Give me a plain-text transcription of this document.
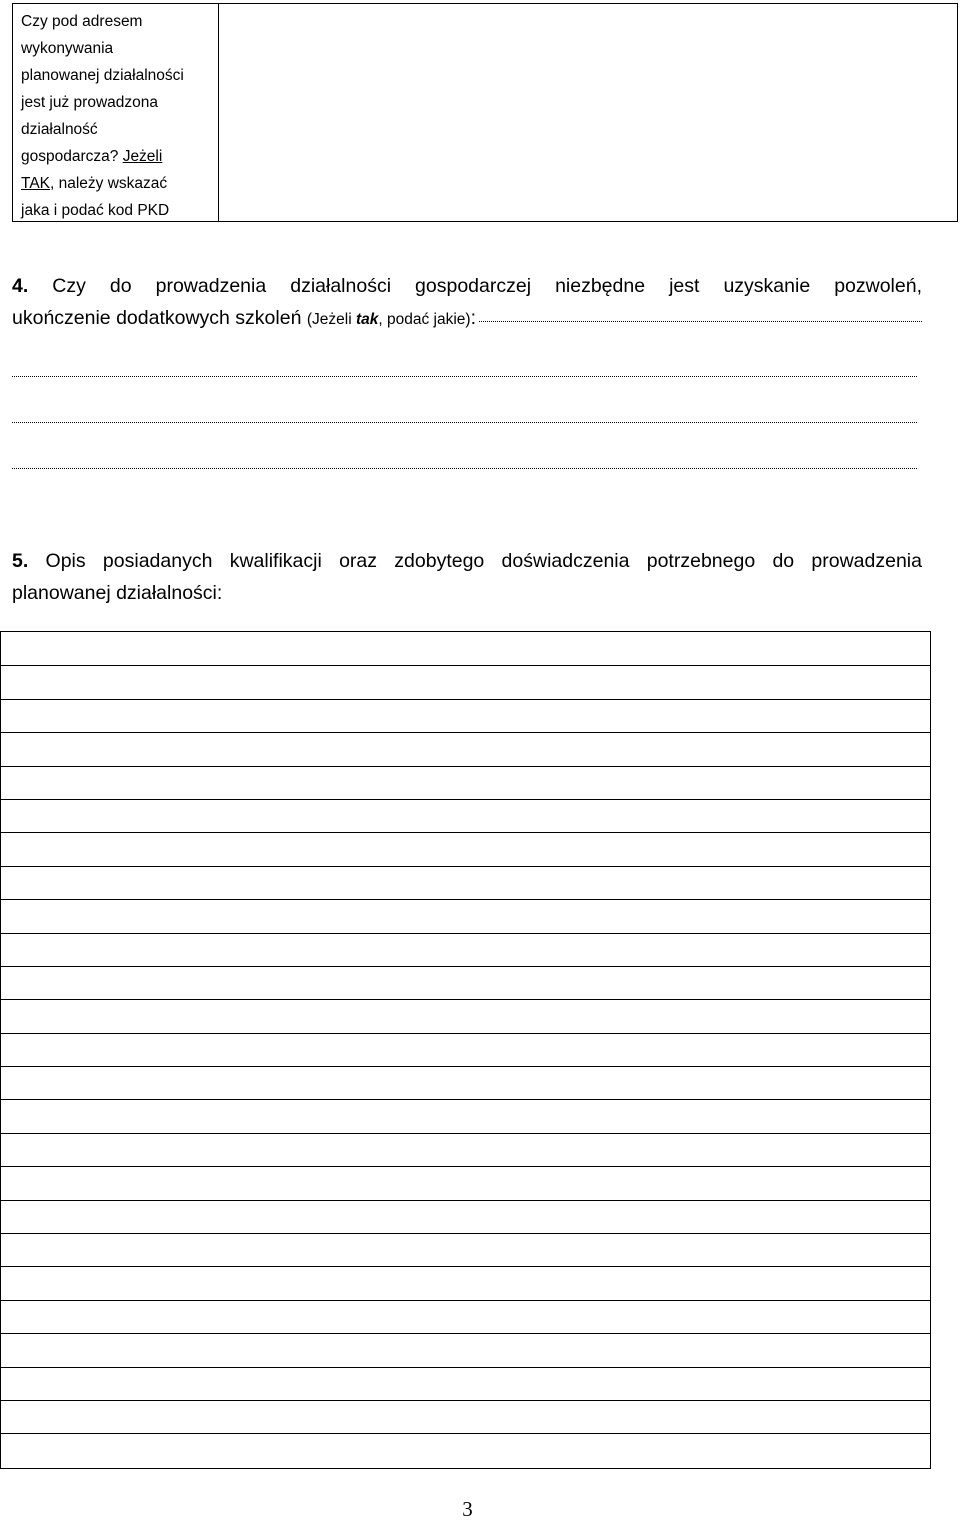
Czy pod adresem
wykonywania
planowanej działalności
jest już prowadzona
działalność
gospodarcza? Jeżeli
TAK, należy wskazać
jaka i podać kod PKD
4. Czy do prowadzenia działalności gospodarczej niezbędne jest uzyskanie pozwoleń,
ukończenie dodatkowych szkoleń
(Jeżeli tak, podać jakie) :
5. Opis posiadanych kwalifikacji oraz zdobytego doświadczenia potrzebnego do prowadzenia
planowanej działalności:
3
